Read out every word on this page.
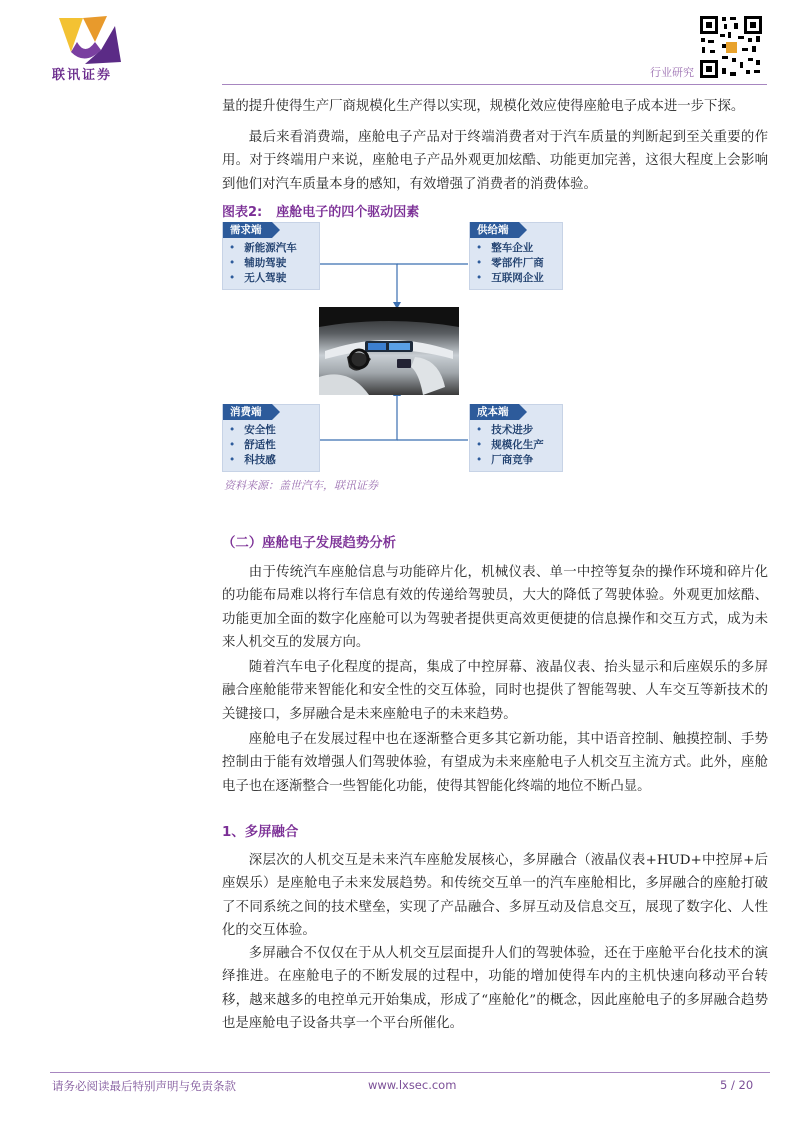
联讯证券	行业研究
量的提升使得生产厂商规模化生产得以实现，规模化效应使得座舱电子成本进一步下探。
最后来看消费端，座舱电子产品对于终端消费者对于汽车质量的判断起到至关重要的作用。对于终端用户来说，座舱电子产品外观更加炫酷、功能更加完善，这很大程度上会影响到他们对汽车质量本身的感知，有效增强了消费者的消费体验。
图表2: 座舱电子的四个驱动因素
需求端
• 新能源汽车
• 辅助驾驶
• 无人驾驶
供给端
• 整车企业
• 零部件厂商
• 互联网企业
消费端
• 安全性
• 舒适性
• 科技感
成本端
• 技术进步
• 规模化生产
• 厂商竞争
资料来源：盖世汽车，联讯证券
（二）座舱电子发展趋势分析
由于传统汽车座舱信息与功能碎片化，机械仪表、单一中控等复杂的操作环境和碎片化的功能布局难以将行车信息有效的传递给驾驶员，大大的降低了驾驶体验。外观更加炫酷、功能更加全面的数字化座舱可以为驾驶者提供更高效更便捷的信息操作和交互方式，成为未来人机交互的发展方向。
随着汽车电子化程度的提高，集成了中控屏幕、液晶仪表、抬头显示和后座娱乐的多屏融合座舱能带来智能化和安全性的交互体验，同时也提供了智能驾驶、人车交互等新技术的关键接口，多屏融合是未来座舱电子的未来趋势。
座舱电子在发展过程中也在逐渐整合更多其它新功能，其中语音控制、触摸控制、手势控制由于能有效增强人们驾驶体验，有望成为未来座舱电子人机交互主流方式。此外，座舱电子也在逐渐整合一些智能化功能，使得其智能化终端的地位不断凸显。
1、多屏融合
深层次的人机交互是未来汽车座舱发展核心，多屏融合（液晶仪表+HUD+中控屏+后座娱乐）是座舱电子未来发展趋势。和传统交互单一的汽车座舱相比，多屏融合的座舱打破了不同系统之间的技术壁垒，实现了产品融合、多屏互动及信息交互，展现了数字化、人性化的交互体验。
多屏融合不仅仅在于从人机交互层面提升人们的驾驶体验，还在于座舱平台化技术的演绎推进。在座舱电子的不断发展的过程中，功能的增加使得车内的主机快速向移动平台转移，越来越多的电控单元开始集成，形成了“座舱化”的概念，因此座舱电子的多屏融合趋势也是座舱电子设备共享一个平台所催化。
请务必阅读最后特别声明与免责条款	www.lxsec.com	5 / 20
